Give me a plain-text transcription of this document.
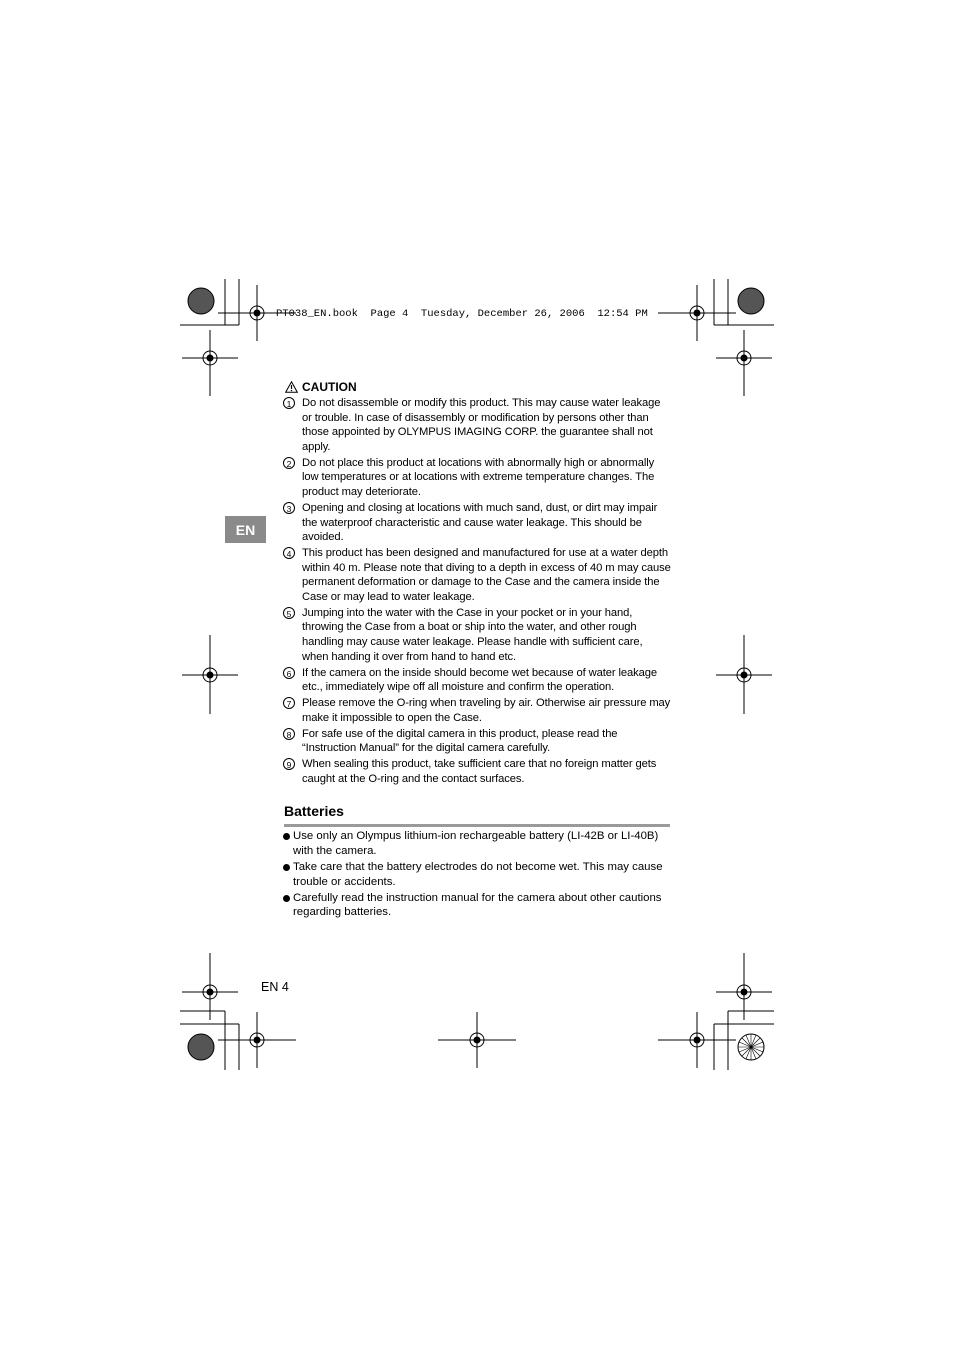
PT038_EN.book  Page 4  Tuesday, December 26, 2006  12:54 PM
EN
CAUTION
1 Do not disassemble or modify this product. This may cause water leakage or trouble. In case of disassembly or modification by persons other than those appointed by OLYMPUS IMAGING CORP. the guarantee shall not apply.
2 Do not place this product at locations with abnormally high or abnormally low temperatures or at locations with extreme temperature changes. The product may deteriorate.
3 Opening and closing at locations with much sand, dust, or dirt may impair the waterproof characteristic and cause water leakage. This should be avoided.
4 This product has been designed and manufactured for use at a water depth within 40 m. Please note that diving to a depth in excess of 40 m may cause permanent deformation or damage to the Case and the camera inside the Case or may lead to water leakage.
5 Jumping into the water with the Case in your pocket or in your hand, throwing the Case from a boat or ship into the water, and other rough handling may cause water leakage. Please handle with sufficient care, when handing it over from hand to hand etc.
6 If the camera on the inside should become wet because of water leakage etc., immediately wipe off all moisture and confirm the operation.
7 Please remove the O-ring when traveling by air. Otherwise air pressure may make it impossible to open the Case.
8 For safe use of the digital camera in this product, please read the “Instruction Manual” for the digital camera carefully.
9 When sealing this product, take sufficient care that no foreign matter gets caught at the O-ring and the contact surfaces.
Batteries
Use only an Olympus lithium-ion rechargeable battery (LI-42B or LI-40B) with the camera.
Take care that the battery electrodes do not become wet. This may cause trouble or accidents.
Carefully read the instruction manual for the camera about other cautions regarding batteries.
EN 4
